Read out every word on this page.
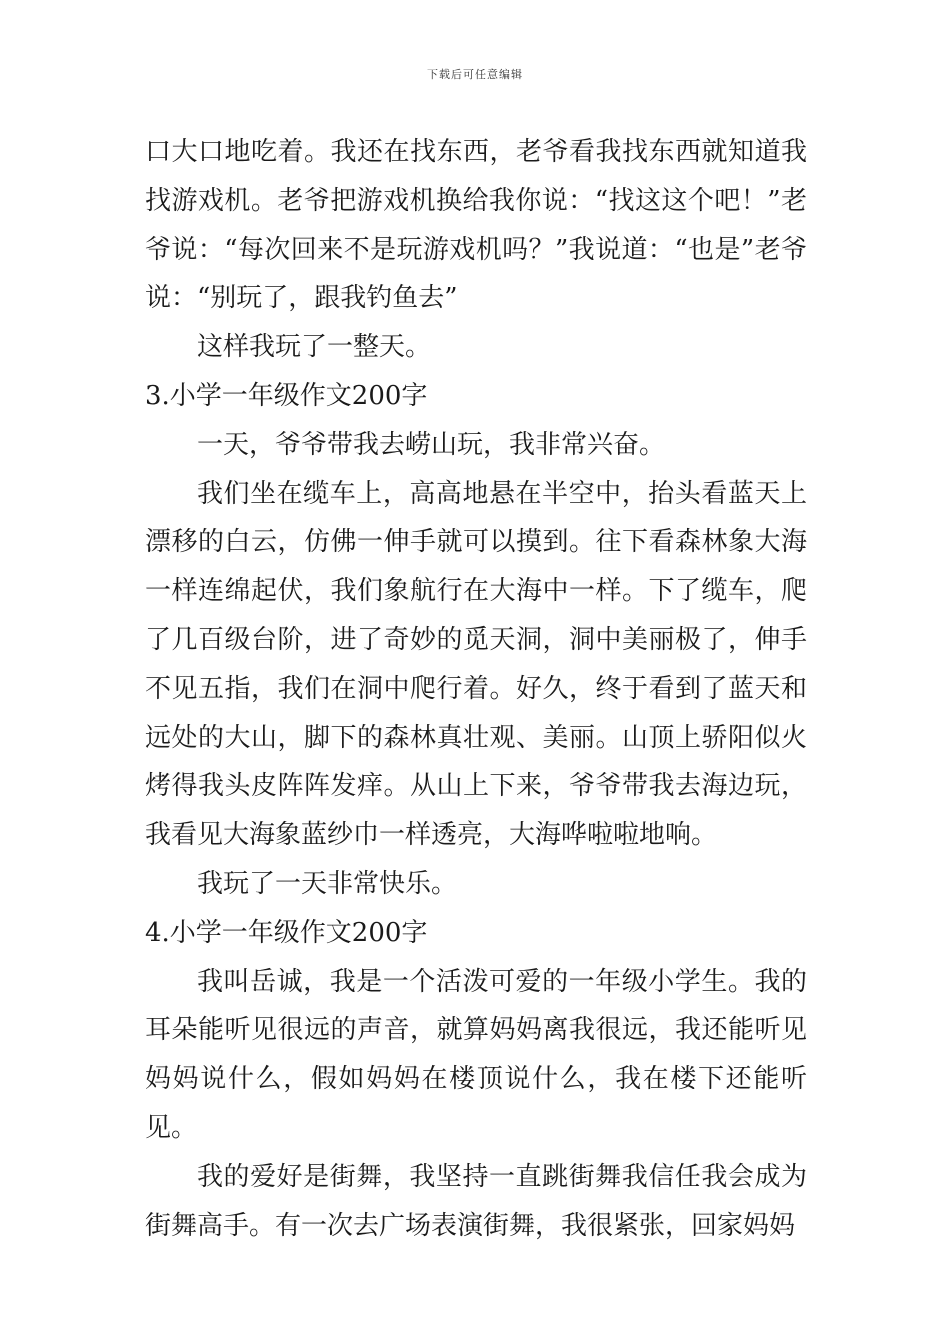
下载后可任意编辑

口大口地吃着。我还在找东西，老爷看我找东西就知道我找游戏机。老爷把游戏机换给我你说：“找这这个吧！”老爷说：“每次回来不是玩游戏机吗？”我说道：“也是”老爷说：“别玩了，跟我钓鱼去”

这样我玩了一整天。

3.小学一年级作文200字

一天，爷爷带我去崂山玩，我非常兴奋。

我们坐在缆车上，高高地悬在半空中，抬头看蓝天上漂移的白云，仿佛一伸手就可以摸到。往下看森林象大海一样连绵起伏，我们象航行在大海中一样。下了缆车，爬了几百级台阶，进了奇妙的觅天洞，洞中美丽极了，伸手不见五指，我们在洞中爬行着。好久，终于看到了蓝天和远处的大山，脚下的森林真壮观、美丽。山顶上骄阳似火烤得我头皮阵阵发痒。从山上下来，爷爷带我去海边玩，我看见大海象蓝纱巾一样透亮，大海哗啦啦地响。

我玩了一天非常快乐。

4.小学一年级作文200字

我叫岳诚，我是一个活泼可爱的一年级小学生。我的耳朵能听见很远的声音，就算妈妈离我很远，我还能听见妈妈说什么，假如妈妈在楼顶说什么，我在楼下还能听见。

我的爱好是街舞，我坚持一直跳街舞我信任我会成为街舞高手。有一次去广场表演街舞，我很紧张，回家妈妈
